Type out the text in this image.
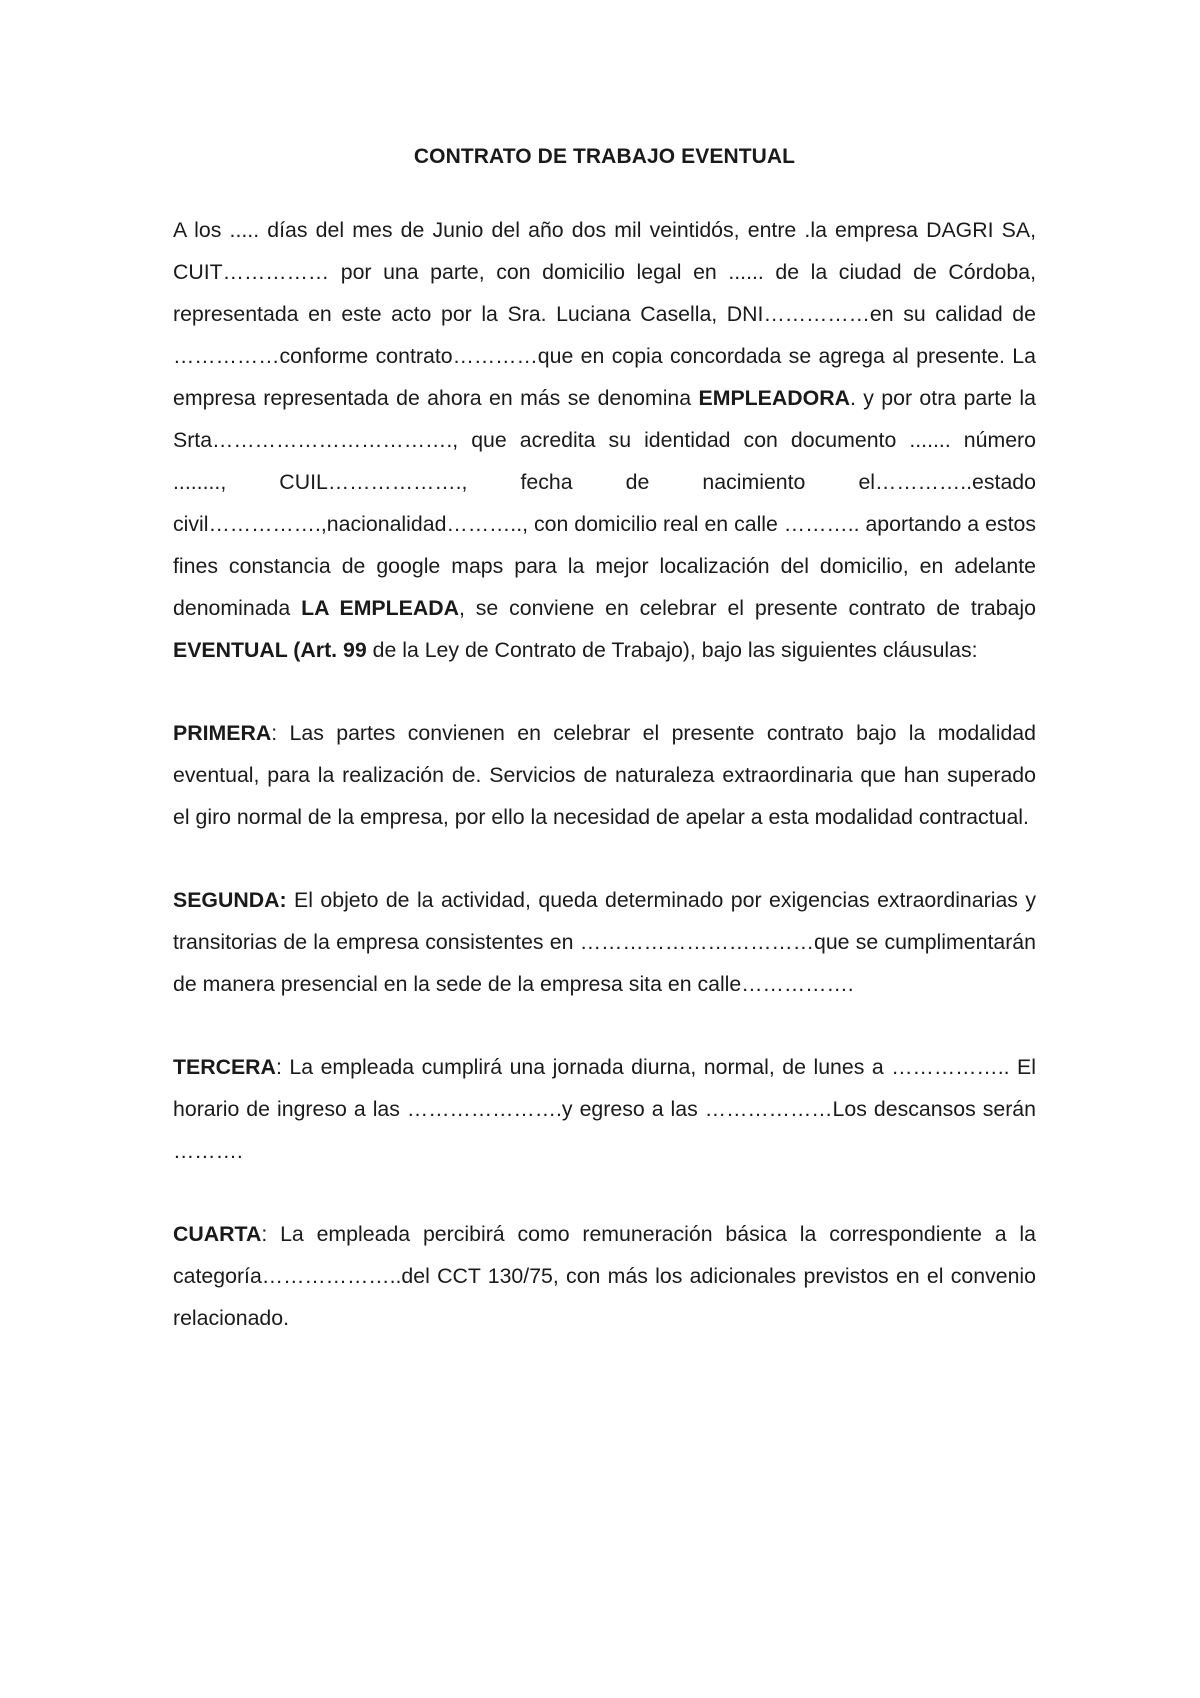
CONTRATO DE TRABAJO EVENTUAL

A los ..... días del mes de Junio del año dos mil veintidós, entre .la empresa DAGRI SA, CUIT…………… por una parte, con domicilio legal en ...... de la ciudad de Córdoba, representada en este acto por la Sra. Luciana Casella, DNI……………en su calidad de ……………conforme contrato…………que en copia concordada se agrega al presente. La empresa representada de ahora en más se denomina EMPLEADORA. y por otra parte la Srta……………………………., que acredita su identidad con documento ....... número ........, CUIL………………., fecha de nacimiento el…………..estado civil…………….,nacionalidad……….., con domicilio real en calle ……….. aportando a estos fines constancia de google maps para la mejor localización del domicilio, en adelante denominada LA EMPLEADA, se conviene en celebrar el presente contrato de trabajo EVENTUAL (Art. 99 de la Ley de Contrato de Trabajo), bajo las siguientes cláusulas:

PRIMERA: Las partes convienen en celebrar el presente contrato bajo la modalidad eventual, para la realización de. Servicios de naturaleza extraordinaria que han superado el giro normal de la empresa, por ello la necesidad de apelar a esta modalidad contractual.

SEGUNDA: El objeto de la actividad, queda determinado por exigencias extraordinarias y transitorias de la empresa consistentes en ……………………………que se cumplimentarán de manera presencial en la sede de la empresa sita en calle…………….

TERCERA: La empleada cumplirá una jornada diurna, normal, de lunes a …………….. El horario de ingreso a las ………………….y egreso a las ………………Los descansos serán ……….

CUARTA: La empleada percibirá como remuneración básica la correspondiente a la categoría………………..del CCT 130/75, con más los adicionales previstos en el convenio relacionado.
